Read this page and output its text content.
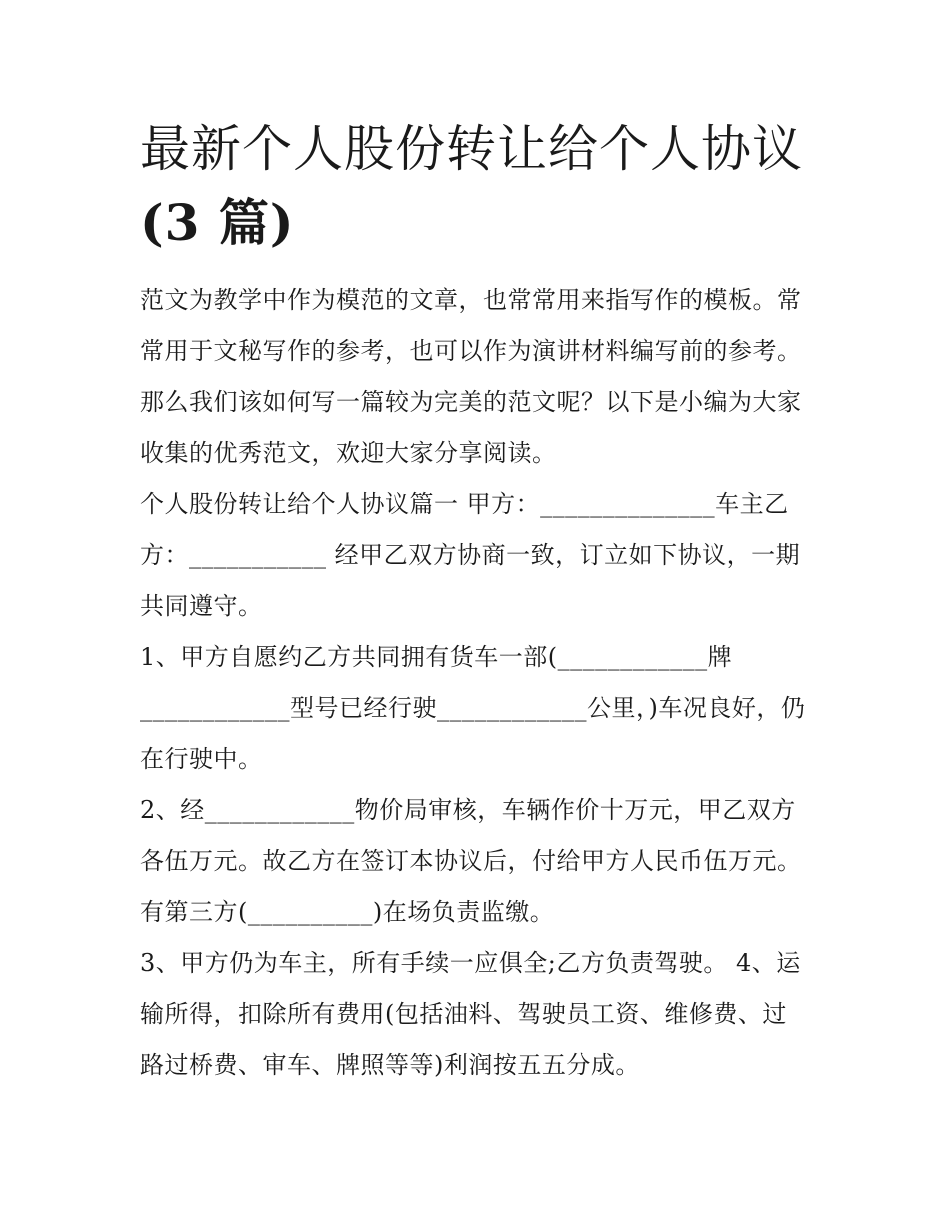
最新个人股份转让给个人协议
(3 篇)
范文为教学中作为模范的文章，也常常用来指写作的模板。常
常用于文秘写作的参考，也可以作为演讲材料编写前的参考。
那么我们该如何写一篇较为完美的范文呢？以下是小编为大家
收集的优秀范文，欢迎大家分享阅读。
个人股份转让给个人协议篇一 甲方：______________车主乙
方：___________ 经甲乙双方协商一致，订立如下协议，一期
共同遵守。
1、甲方自愿约乙方共同拥有货车一部(____________牌
____________型号已经行驶____________公里，)车况良好，仍
在行驶中。
2、经____________物价局审核，车辆作价十万元，甲乙双方
各伍万元。故乙方在签订本协议后，付给甲方人民币伍万元。
有第三方(__________)在场负责监缴。
3、甲方仍为车主，所有手续一应俱全;乙方负责驾驶。 4、运
输所得，扣除所有费用(包括油料、驾驶员工资、维修费、过
路过桥费、审车、牌照等等)利润按五五分成。
